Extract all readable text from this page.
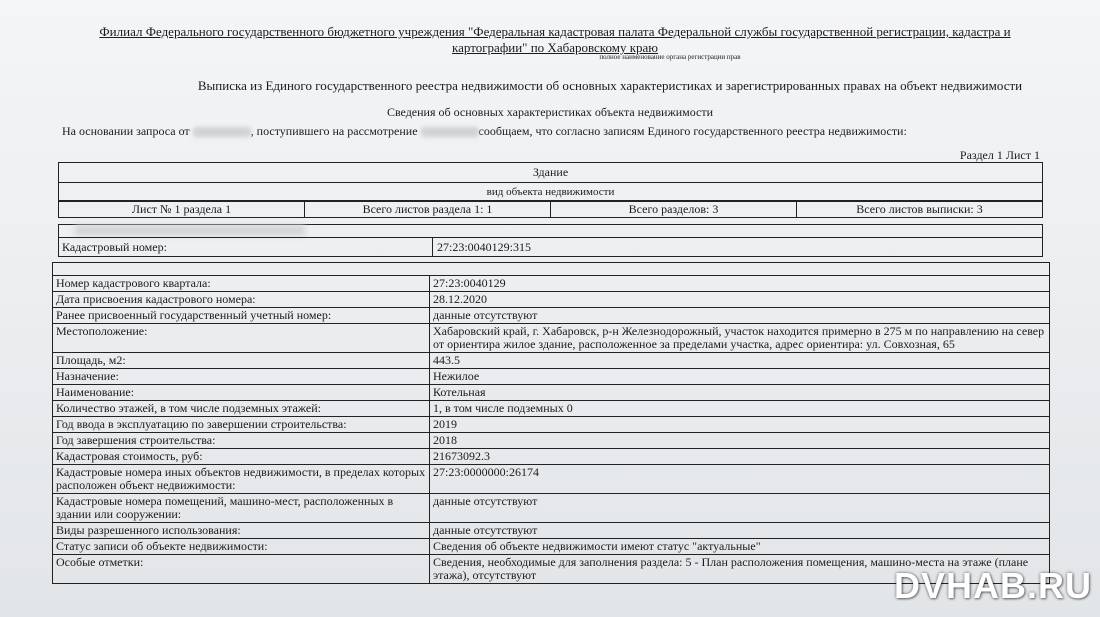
Филиал Федерального государственного бюджетного учреждения "Федеральная кадастровая палата Федеральной службы государственной регистрации, кадастра и картографии" по Хабаровскому краю
полное наименование органа регистрации прав
Выписка из Единого государственного реестра недвижимости об основных характеристиках и зарегистрированных правах на объект недвижимости
Сведения об основных характеристиках объекта недвижимости
На основании запроса от	, поступившего на рассмотрение	сообщаем, что согласно записям Единого государственного реестра недвижимости:
Раздел 1 Лист 1
Здание
вид объекта недвижимости
Лист № 1 раздела 1	Всего листов раздела 1: 1	Всего разделов: 3	Всего листов выписки: 3
Кадастровый номер:	27:23:0040129:315
Номер кадастрового квартала:	27:23:0040129
Дата присвоения кадастрового номера:	28.12.2020
Ранее присвоенный государственный учетный номер:	данные отсутствуют
Местоположение:	Хабаровский край, г. Хабаровск, р-н Железнодорожный, участок находится примерно в 275 м по направлению на север от ориентира жилое здание, расположенное за пределами участка, адрес ориентира: ул. Совхозная, 65
Площадь, м2:	443.5
Назначение:	Нежилое
Наименование:	Котельная
Количество этажей, в том числе подземных этажей:	1, в том числе подземных 0
Год ввода в эксплуатацию по завершении строительства:	2019
Год завершения строительства:	2018
Кадастровая стоимость, руб:	21673092.3
Кадастровые номера иных объектов недвижимости, в пределах которых расположен объект недвижимости:	27:23:0000000:26174
Кадастровые номера помещений, машино-мест, расположенных в здании или сооружении:	данные отсутствуют
Виды разрешенного использования:	данные отсутствуют
Статус записи об объекте недвижимости:	Сведения об объекте недвижимости имеют статус "актуальные"
Особые отметки:	Сведения, необходимые для заполнения раздела: 5 - План расположения помещения, машино-места на этаже (плане этажа), отсутствуют	DVHAB.RU
